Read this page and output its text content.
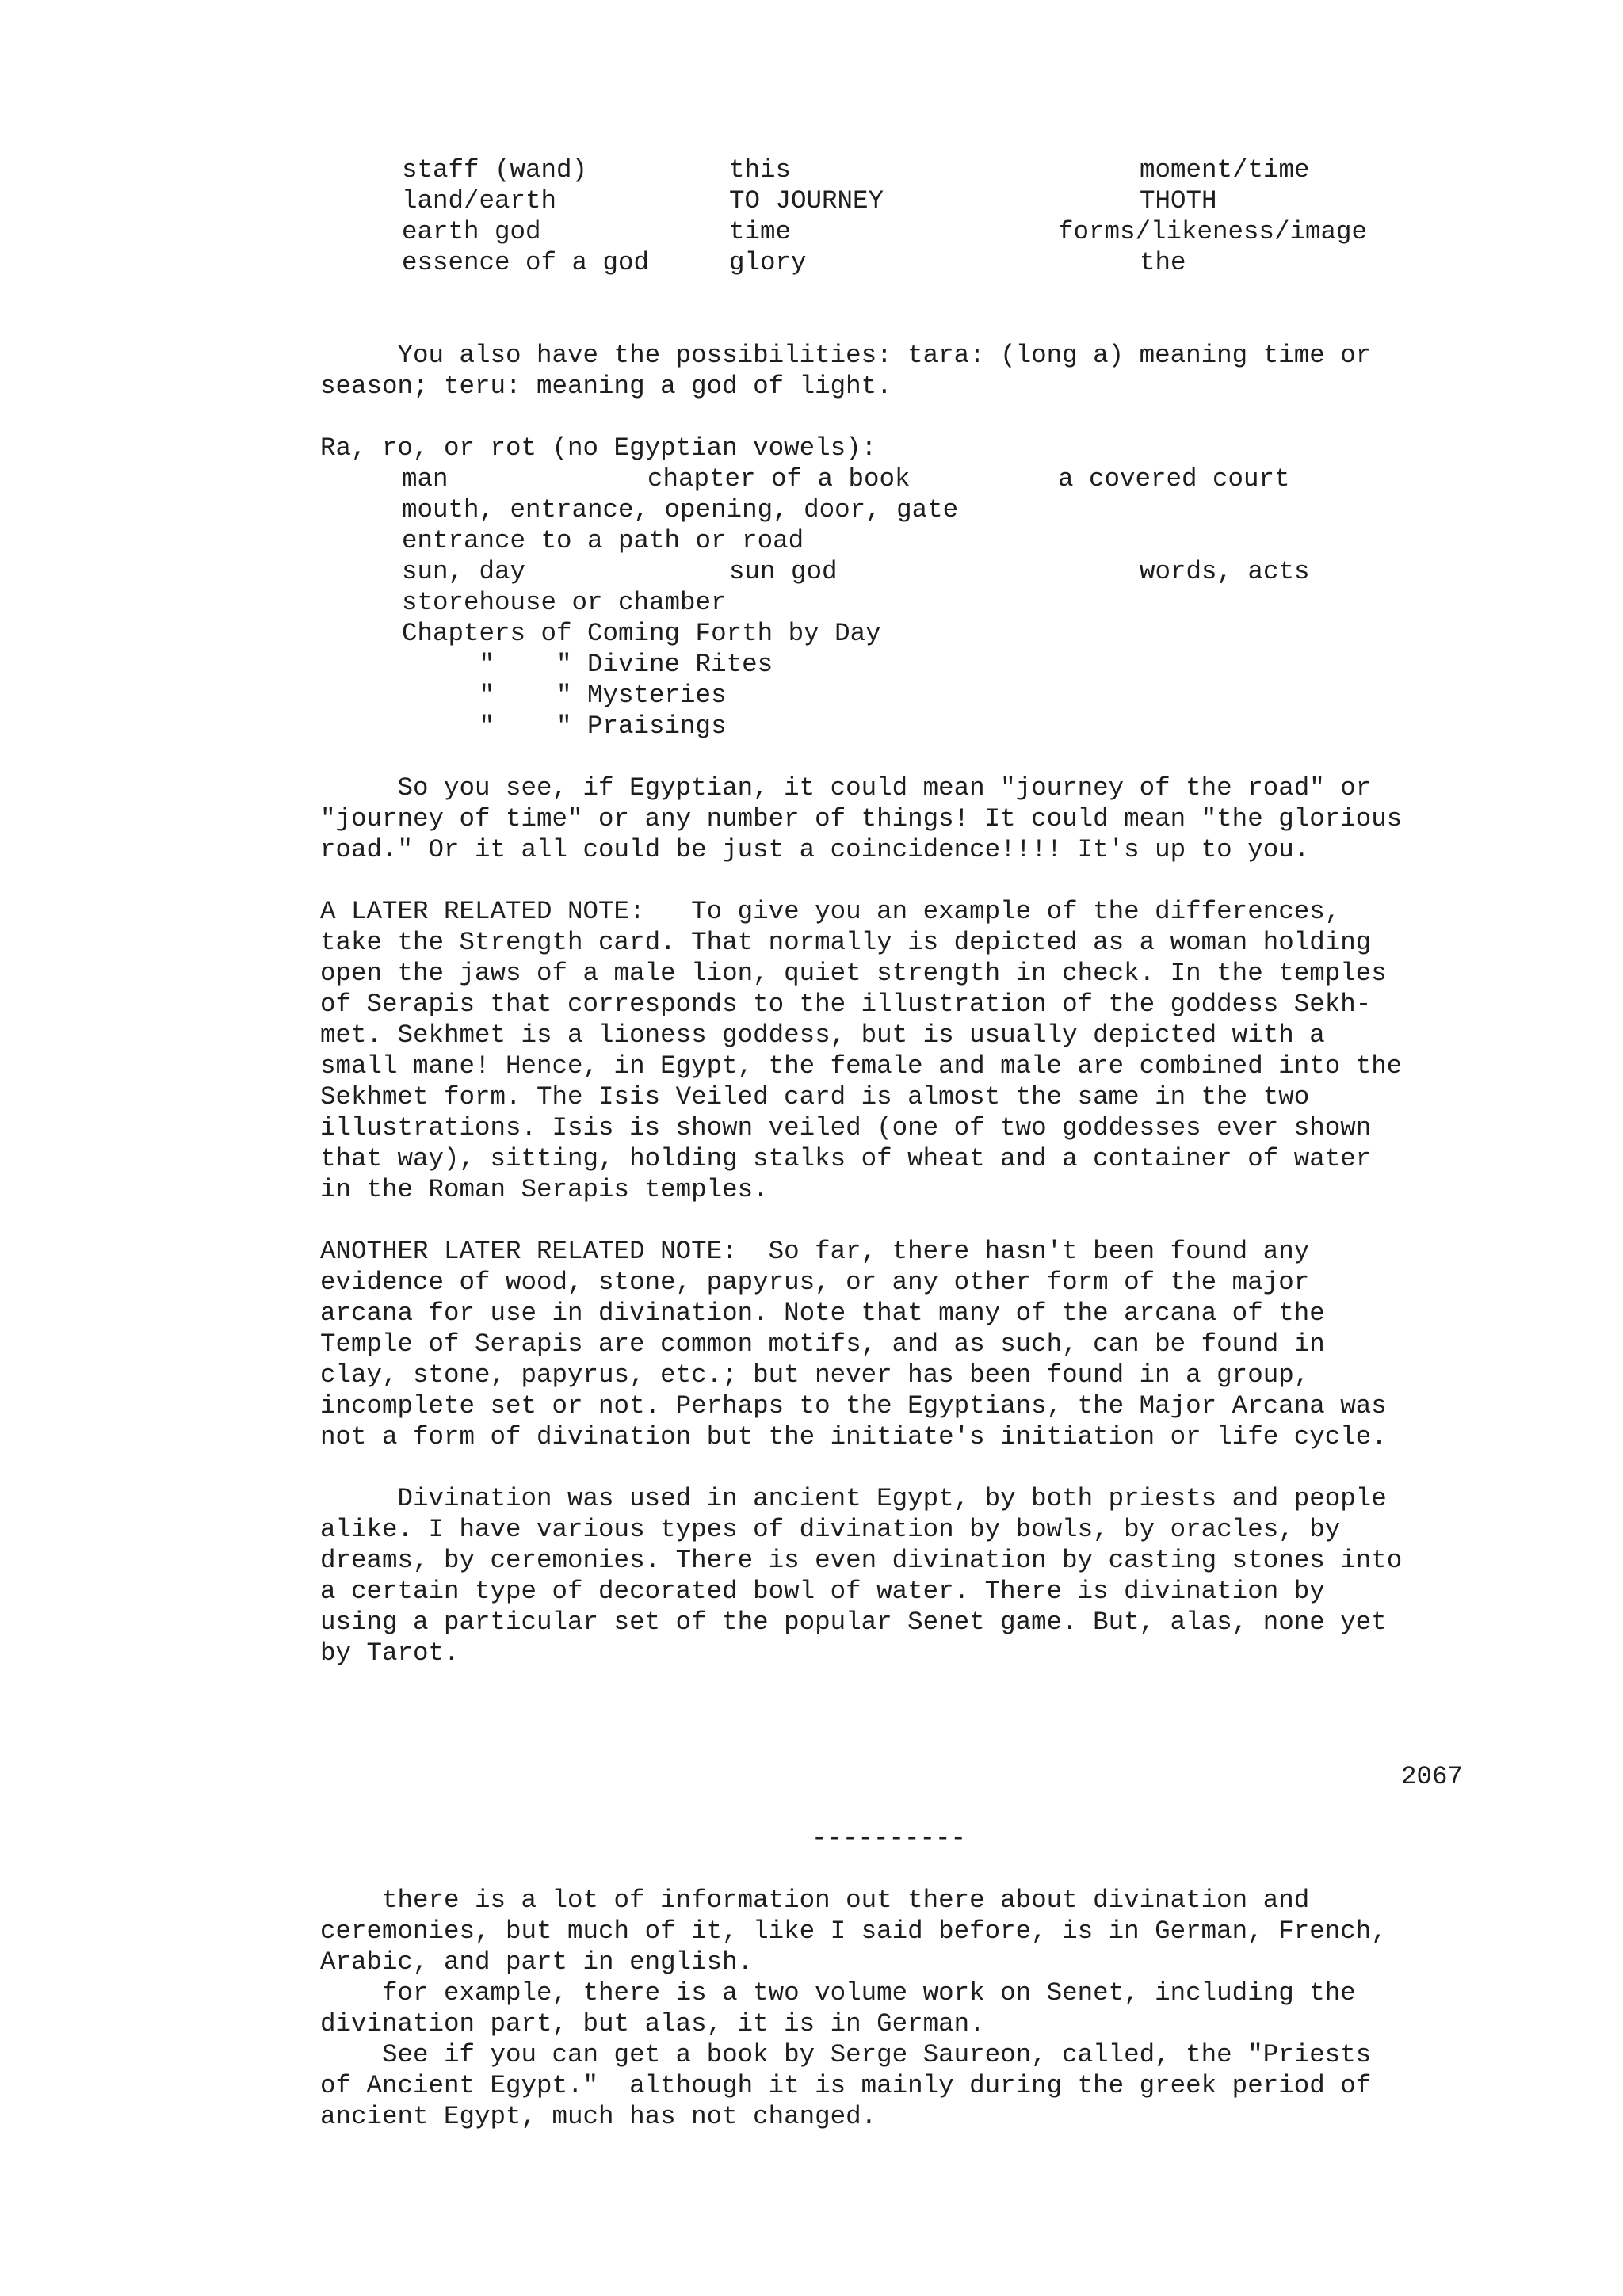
staff (wand)	this	moment/time
land/earth	TO JOURNEY	THOTH
earth god	time	forms/likeness/image
essence of a god	glory	the
You also have the possibilities: tara: (long a) meaning time or
season; teru: meaning a god of light.
Ra, ro, or rot (no Egyptian vowels):
man	chapter of a book	a covered court
mouth, entrance, opening, door, gate
entrance to a path or road
sun, day	sun god	words, acts
storehouse or chamber
Chapters of Coming Forth by Day
"    " Divine Rites
"    " Mysteries
"    " Praisings
So you see, if Egyptian, it could mean "journey of the road" or
"journey of time" or any number of things! It could mean "the glorious
road." Or it all could be just a coincidence!!!! It's up to you.
A LATER RELATED NOTE:   To give you an example of the differences,
take the Strength card. That normally is depicted as a woman holding
open the jaws of a male lion, quiet strength in check. In the temples
of Serapis that corresponds to the illustration of the goddess Sekh-
met. Sekhmet is a lioness goddess, but is usually depicted with a
small mane! Hence, in Egypt, the female and male are combined into the
Sekhmet form. The Isis Veiled card is almost the same in the two
illustrations. Isis is shown veiled (one of two goddesses ever shown
that way), sitting, holding stalks of wheat and a container of water
in the Roman Serapis temples.
ANOTHER LATER RELATED NOTE:  So far, there hasn't been found any
evidence of wood, stone, papyrus, or any other form of the major
arcana for use in divination. Note that many of the arcana of the
Temple of Serapis are common motifs, and as such, can be found in
clay, stone, papyrus, etc.; but never has been found in a group,
incomplete set or not. Perhaps to the Egyptians, the Major Arcana was
not a form of divination but the initiate's initiation or life cycle.
Divination was used in ancient Egypt, by both priests and people
alike. I have various types of divination by bowls, by oracles, by
dreams, by ceremonies. There is even divination by casting stones into
a certain type of decorated bowl of water. There is divination by
using a particular set of the popular Senet game. But, alas, none yet
by Tarot.
2067
----------
there is a lot of information out there about divination and
ceremonies, but much of it, like I said before, is in German, French,
Arabic, and part in english.
for example, there is a two volume work on Senet, including the
divination part, but alas, it is in German.
See if you can get a book by Serge Saureon, called, the "Priests
of Ancient Egypt."  although it is mainly during the greek period of
ancient Egypt, much has not changed.
